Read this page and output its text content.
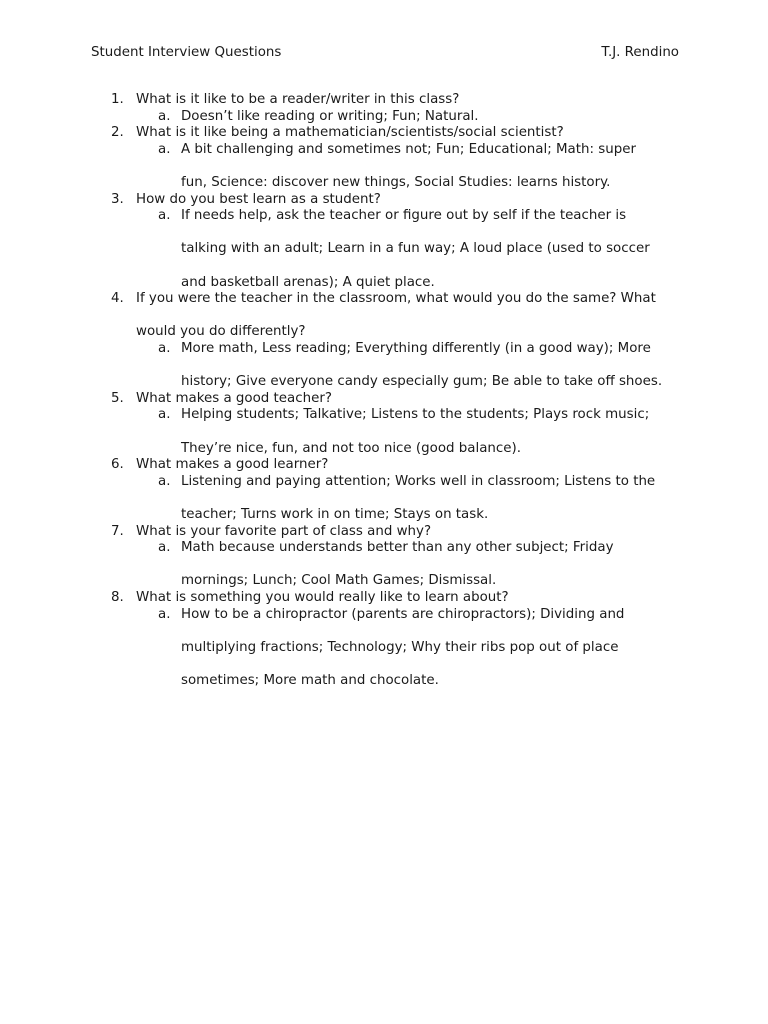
Student Interview Questions	T.J. Rendino
1. What is it like to be a reader/writer in this class?
a. Doesn’t like reading or writing; Fun; Natural.
2. What is it like being a mathematician/scientists/social scientist?
a. A bit challenging and sometimes not; Fun; Educational; Math: super
fun, Science: discover new things, Social Studies: learns history.
3. How do you best learn as a student?
a. If needs help, ask the teacher or figure out by self if the teacher is
talking with an adult; Learn in a fun way; A loud place (used to soccer
and basketball arenas); A quiet place.
4. If you were the teacher in the classroom, what would you do the same? What
would you do differently?
a. More math, Less reading; Everything differently (in a good way); More
history; Give everyone candy especially gum; Be able to take off shoes.
5. What makes a good teacher?
a. Helping students; Talkative; Listens to the students; Plays rock music;
They’re nice, fun, and not too nice (good balance).
6. What makes a good learner?
a. Listening and paying attention; Works well in classroom; Listens to the
teacher; Turns work in on time; Stays on task.
7. What is your favorite part of class and why?
a. Math because understands better than any other subject; Friday
mornings; Lunch; Cool Math Games; Dismissal.
8. What is something you would really like to learn about?
a. How to be a chiropractor (parents are chiropractors); Dividing and
multiplying fractions; Technology; Why their ribs pop out of place
sometimes; More math and chocolate.
